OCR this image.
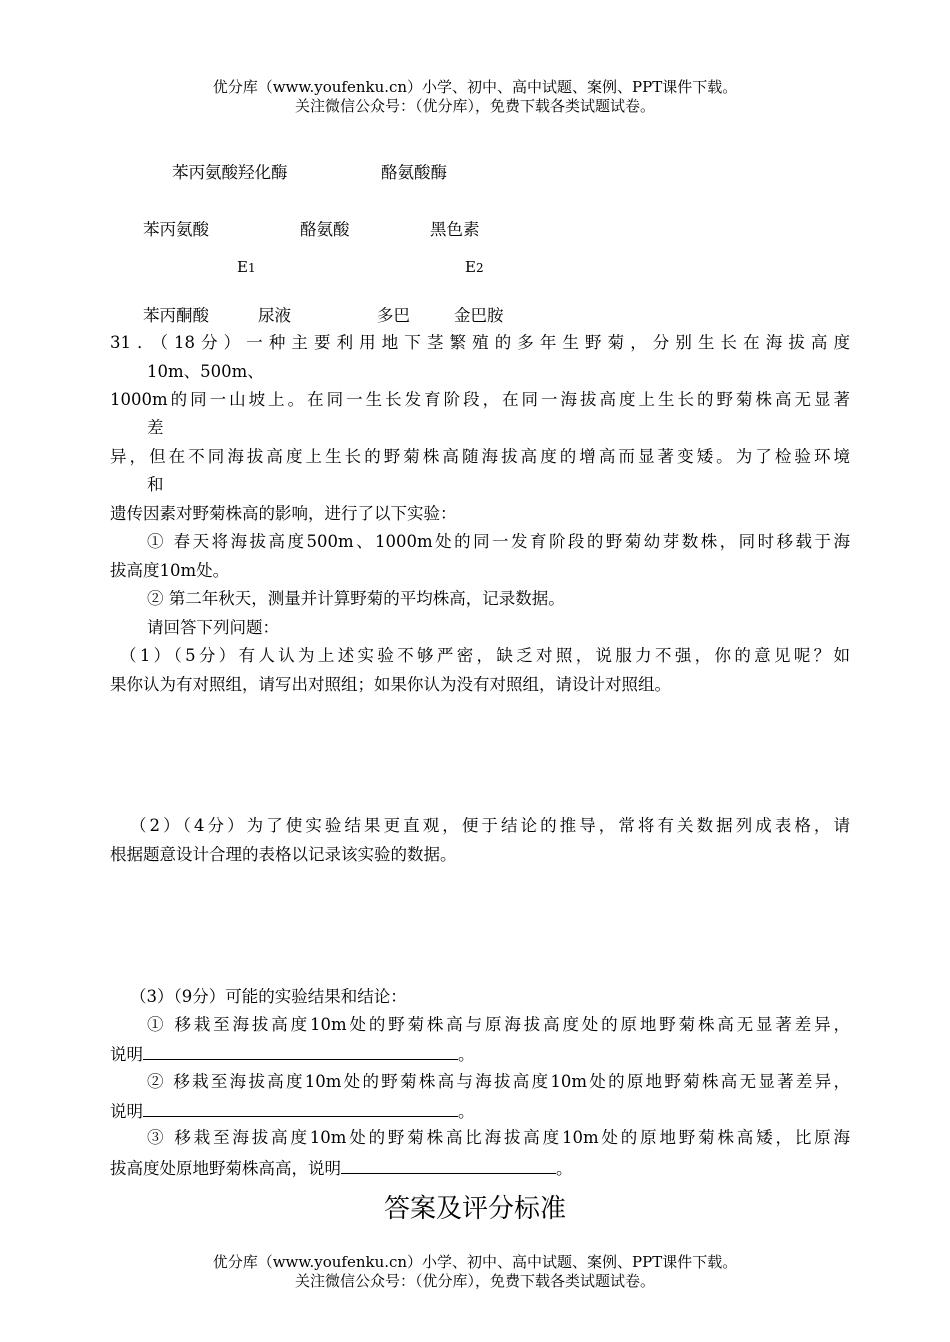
优分库（www.youfenku.cn）小学、初中、高中试题、案例、PPT课件下载。
关注微信公众号：（优分库），免费下载各类试题试卷。
苯丙氨酸羟化酶	酪氨酸酶
苯丙氨酸	酪氨酸	黑色素
E1	E2
苯丙酮酸	尿液	多巴	金巴胺
31．（18分）一种主要利用地下茎繁殖的多年生野菊，分别生长在海拔高度
10m、500m、
1000m的同一山坡上。在同一生长发育阶段，在同一海拔高度上生长的野菊株高无显著
差
异，但在不同海拔高度上生长的野菊株高随海拔高度的增高而显著变矮。为了检验环境
和
遗传因素对野菊株高的影响，进行了以下实验：
① 春天将海拔高度500m、1000m处的同一发育阶段的野菊幼芽数株，同时移载于海
拔高度10m处。
② 第二年秋天，测量并计算野菊的平均株高，记录数据。
请回答下列问题：
（1）（5分）有人认为上述实验不够严密，缺乏对照，说服力不强，你的意见呢？如
果你认为有对照组，请写出对照组；如果你认为没有对照组，请设计对照组。
（2）（4分）为了使实验结果更直观，便于结论的推导，常将有关数据列成表格，请
根据题意设计合理的表格以记录该实验的数据。
（3）（9分）可能的实验结果和结论：
① 移栽至海拔高度10m处的野菊株高与原海拔高度处的原地野菊株高无显著差异，
说明	。
② 移栽至海拔高度10m处的野菊株高与海拔高度10m处的原地野菊株高无显著差异，
说明	。
③ 移栽至海拔高度10m处的野菊株高比海拔高度10m处的原地野菊株高矮，比原海
拔高度处原地野菊株高高，说明	。
答案及评分标准
优分库（www.youfenku.cn）小学、初中、高中试题、案例、PPT课件下载。
关注微信公众号：（优分库），免费下载各类试题试卷。
